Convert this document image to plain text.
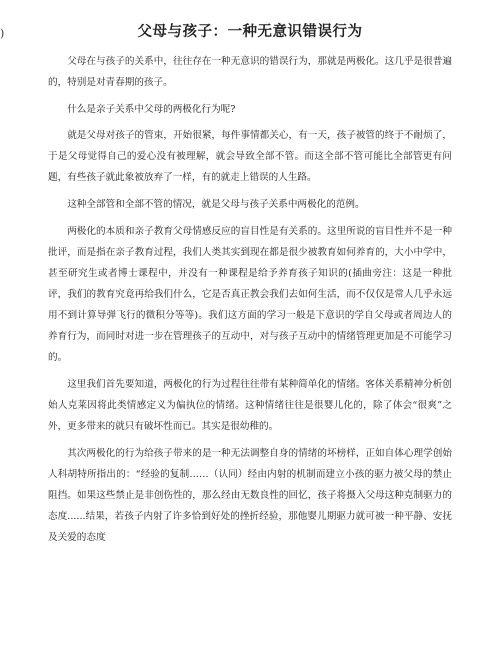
)	父母与孩子：一种无意识错误行为

父母在与孩子的关系中，往往存在一种无意识的错误行为，那就是两极化。这几乎是很普遍的，特别是对青春期的孩子。

什么是亲子关系中父母的两极化行为呢?

就是父母对孩子的管束，开始很紧，每件事情都关心，有一天，孩子被管的终于不耐烦了，于是父母觉得自己的爱心没有被理解，就会导致全部不管。而这全部不管可能比全部管更有问题，有些孩子就此象被放弃了一样，有的就走上错误的人生路。

这种全部管和全部不管的情况，就是父母与孩子关系中两极化的范例。

两极化的本质和亲子教育父母情感反应的盲目性是有关系的。这里所说的盲目性并不是一种批评，而是指在亲子教育过程，我们人类其实到现在都是很少被教育如何养育的，大小中学中，甚至研究生或者博士课程中，并没有一种课程是给予养育孩子知识的(插曲旁注：这是一种批评，我们的教育究竟再给我们什么，它是否真正教会我们去如何生活，而不仅仅是常人几乎永远用不到计算导弹飞行的微积分等等)。我们这方面的学习一般是下意识的学自父母或者周边人的养育行为，而同时对进一步在管理孩子的互动中，对与孩子互动中的情绪管理更加是不可能学习的。

这里我们首先要知道，两极化的行为过程往往带有某种简单化的情绪。客体关系精神分析创始人克莱因将此类情感定义为偏执位的情绪。这种情绪往往是很婴儿化的，除了体会“很爽”之外，更多带来的就只有破坏性而已。其实是很幼稚的。

其次两极化的行为给孩子带来的是一种无法调整自身的情绪的坏榜样，正如自体心理学创始人科胡特所指出的：“经验的复制……（认同）经由内射的机制而建立小孩的驱力被父母的禁止阻挡。如果这些禁止是非创伤性的，那么经由无数良性的回忆，孩子将摄入父母这种克制驱力的态度......结果，若孩子内射了许多恰到好处的挫折经验，那他婴儿期驱力就可被一种平静、安抚及关爱的态度
